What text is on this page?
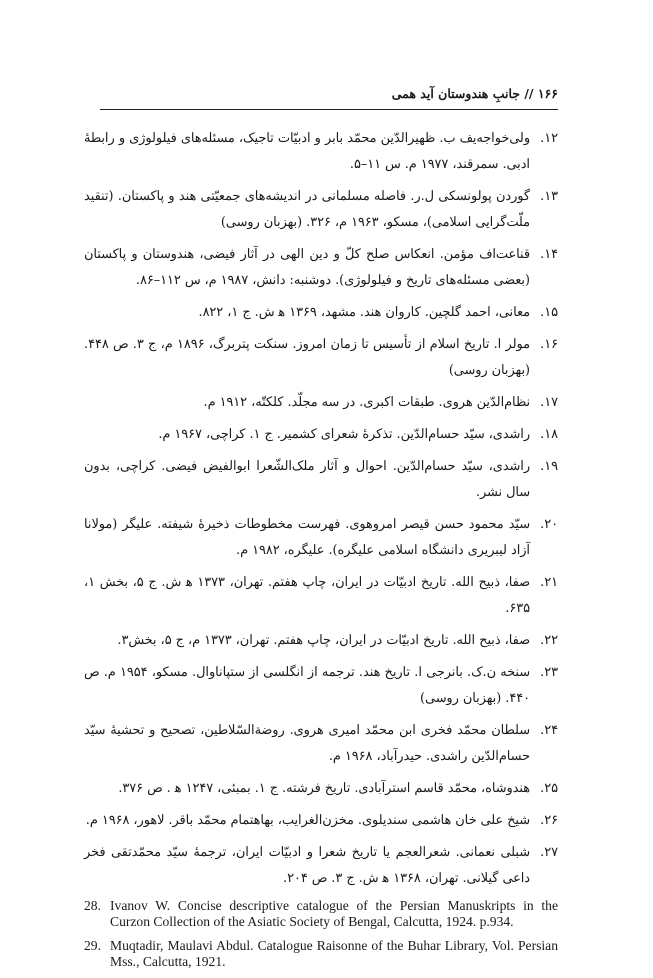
۱۶۶ // جانبِ هندوستان آید همی
۱۲.
ولی‌خواجه‌یف ب. ظهیرالدّین محمّد بابر و ادبیّات تاجیک، مسئله‌های فیلولوژی و رابطهٔ ادبی. سمرقند، ۱۹۷۷ م. س ۱۱–۵.
۱۳.
گوردن پولونسکی ل.ر. فاصله مسلمانی در اندیشه‌های جمعیّتی هند و پاکستان. (تنقید ملّت‌گرایی اسلامی)، مسکو، ۱۹۶۳ م، ۳۲۶. (بهزبان روسی)
۱۴.
قناعت‌اف مؤمن. انعکاس صلح کلّ و دین الهی در آثار فیضی، هندوستان و پاکستان (بعضی مسئله‌های تاریخ و فیلولوژی). دوشنبه: دانش، ۱۹۸۷ م، س ۱۱۲–۸۶.
۱۵.
معانی، احمد گلچین. کاروان هند. مشهد، ۱۳۶۹ ه‍ ش. ج ۱، ۸۲۲.
۱۶.
مولر ا. تاریخ اسلام از تأسیس تا زمان امروز. سنکت پتربرگ، ۱۸۹۶ م، ج ۳. ص ۴۴۸. (بهزبان روسی)
۱۷.
نظام‌الدّین هروی. طبقات اکبری. در سه مجلّد. کلکتّه، ۱۹۱۲ م.
۱۸.
راشدی، سیّد حسام‌الدّین. تذکرهٔ شعرای کشمیر. ج ۱. کراچی، ۱۹۶۷ م.
۱۹.
راشدی، سیّد حسام‌الدّین. احوال و آثار ملک‌الشّعرا ابوالفیض فیضی. کراچی، بدون سال نشر.
۲۰.
سیّد محمود حسن قیصر امروهوی. فهرست مخطوطات ذخیرهٔ شیفته. علیگر (مولانا آزاد لیبریری دانشگاه اسلامی علیگره). علیگره، ۱۹۸۲ م.
۲۱.
صفا، ذبیح الله. تاریخ ادبیّات در ایران، چاپ هفتم. تهران، ۱۳۷۳ ه‍ ش. ج ۵، بخش ۱، ۶۳۵.
۲۲.
صفا، ذبیح الله. تاریخ ادبیّات در ایران، چاپ هفتم. تهران، ۱۳۷۳ م، ج ۵، بخش۳.
۲۳.
سنخه ن.ک. بانرجی ا. تاریخ هند. ترجمه از انگلسی از ستپاناوال. مسکو، ۱۹۵۴ م. ص ۴۴۰. (بهزبان روسی)
۲۴.
سلطان محمّد فخری ابن محمّد امیری هروی. روضةالسّلاطین، تصحیح و تحشیهٔ سیّد حسام‌الدّین راشدی. حیدرآباد، ۱۹۶۸ م.
۲۵.
هندوشاه، محمّد قاسم استرآبادی. تاریخ فرشته. ج ۱. بمبئی، ۱۲۴۷ ه‍ . ص ۳۷۶.
۲۶.
شیخ علی خان هاشمی سندیلوی. مخزن‌الغرایب، بهاهتمام محمّد باقر. لاهور، ۱۹۶۸ م.
۲۷.
شبلی نعمانی. شعرالعجم یا تاریخ شعرا و ادبیّات ایران، ترجمهٔ سیّد محمّدتقی فخر داعی گیلانی. تهران، ۱۳۶۸ ه‍ ش. ج ۳. ص ۲۰۴.
28. Ivanov W. Concise descriptive catalogue of the Persian Manuskripts in the Curzon Collection of the Asiatic Society of Bengal, Calcutta, 1924. p.934.
29. Muqtadir, Maulavi Abdul. Catalogue Raisonne of the Buhar Library, Vol. Persian Mss., Calcutta, 1921.
